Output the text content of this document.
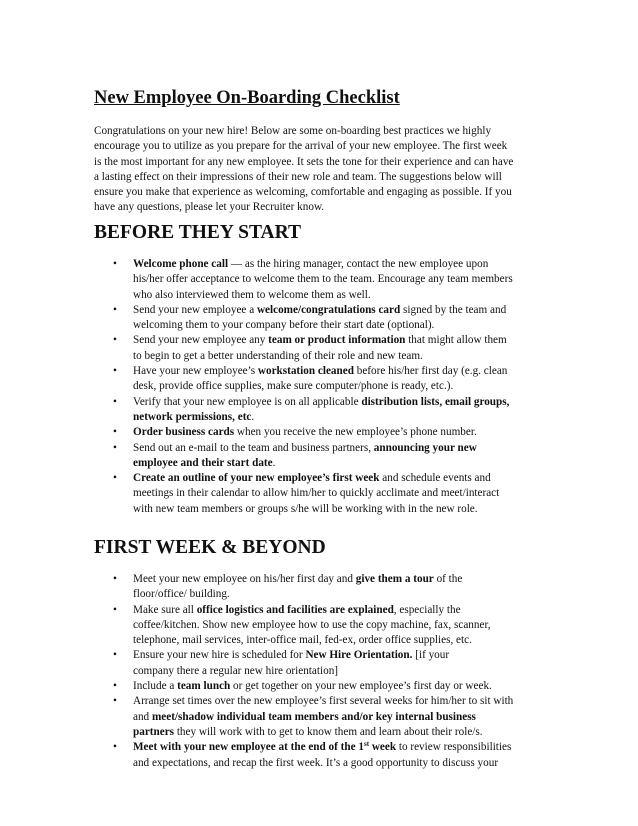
New Employee On-Boarding Checklist

Congratulations on your new hire! Below are some on-boarding best practices we highly
encourage you to utilize as you prepare for the arrival of your new employee. The first week
is the most important for any new employee. It sets the tone for their experience and can have
a lasting effect on their impressions of their new role and team. The suggestions below will
ensure you make that experience as welcoming, comfortable and engaging as possible. If you
have any questions, please let your Recruiter know.

BEFORE THEY START
• Welcome phone call — as the hiring manager, contact the new employee upon
his/her offer acceptance to welcome them to the team. Encourage any team members
who also interviewed them to welcome them as well.
• Send your new employee a welcome/congratulations card signed by the team and
welcoming them to your company before their start date (optional).
• Send your new employee any team or product information that might allow them
to begin to get a better understanding of their role and new team.
• Have your new employee’s workstation cleaned before his/her first day (e.g. clean
desk, provide office supplies, make sure computer/phone is ready, etc.).
• Verify that your new employee is on all applicable distribution lists, email groups,
network permissions, etc.
• Order business cards when you receive the new employee’s phone number.
• Send out an e-mail to the team and business partners, announcing your new
employee and their start date.
• Create an outline of your new employee’s first week and schedule events and
meetings in their calendar to allow him/her to quickly acclimate and meet/interact
with new team members or groups s/he will be working with in the new role.
FIRST WEEK & BEYOND
• Meet your new employee on his/her first day and give them a tour of the
floor/office/ building.
• Make sure all office logistics and facilities are explained, especially the
coffee/kitchen. Show new employee how to use the copy machine, fax, scanner,
telephone, mail services, inter-office mail, fed-ex, order office supplies, etc.
• Ensure your new hire is scheduled for New Hire Orientation. [if your
company there a regular new hire orientation]
• Include a team lunch or get together on your new employee’s first day or week.
• Arrange set times over the new employee’s first several weeks for him/her to sit with
and meet/shadow individual team members and/or key internal business
partners they will work with to get to know them and learn about their role/s.
• Meet with your new employee at the end of the 1st week to review responsibilities
and expectations, and recap the first week. It’s a good opportunity to discuss your
